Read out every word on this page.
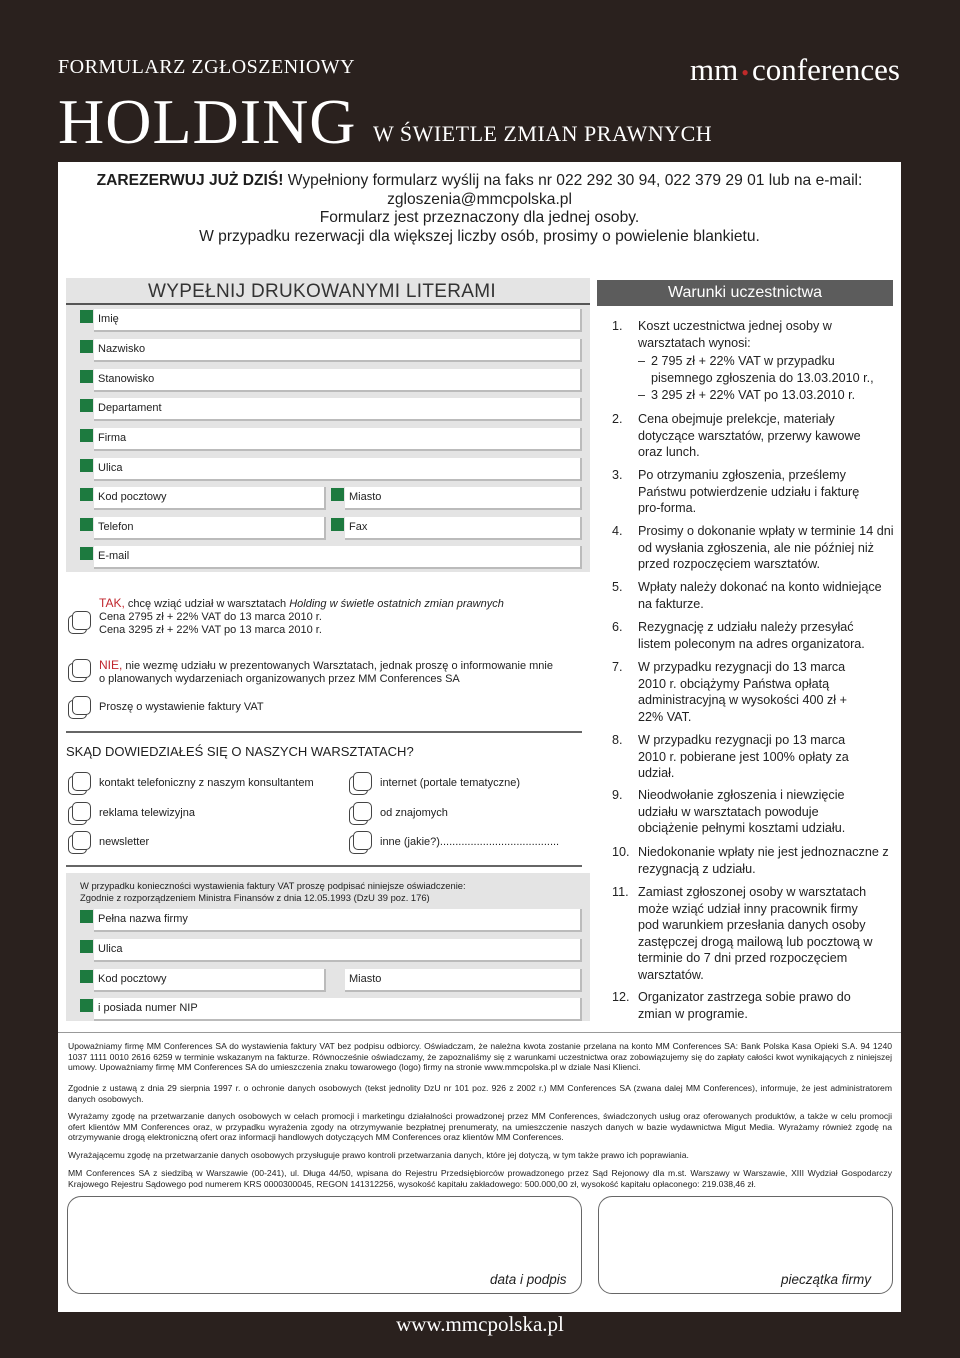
FORMULARZ ZGŁOSZENIOWY
HOLDING W ŚWIETLE ZMIAN PRAWNYCH
mm •conferences
ZAREZERWUJ JUŻ DZIŚ! Wypełniony formularz wyślij na faks nr 022 292 30 94, 022 379 29 01 lub na e-mail:
zgloszenia@mmcpolska.pl
Formularz jest przeznaczony dla jednej osoby.
W przypadku rezerwacji dla większej liczby osób, prosimy o powielenie blankietu.
WYPEŁNIJ DRUKOWANYMI LITERAMI
Imię
Nazwisko
Stanowisko
Departament
Firma
Ulica
Kod pocztowy	Miasto
Telefon	Fax
E-mail
TAK, chcę wziąć udział w warsztatach Holding w świetle ostatnich zmian prawnych
Cena 2795 zł + 22% VAT do 13 marca 2010 r.
Cena 3295 zł + 22% VAT po 13 marca 2010 r.
NIE, nie wezmę udziału w prezentowanych Warsztatach, jednak proszę o informowanie mnie
o planowanych wydarzeniach organizowanych przez MM Conferences SA
Proszę o wystawienie faktury VAT
SKĄD DOWIEDZIAŁEŚ SIĘ O NASZYCH WARSZTATACH?
kontakt telefoniczny z naszym konsultantem	internet (portale tematyczne)
reklama telewizyjna	od znajomych
newsletter	inne (jakie?).......................................
W przypadku konieczności wystawienia faktury VAT proszę podpisać niniejsze oświadczenie:
Zgodnie z rozporządzeniem Ministra Finansów z dnia 12.05.1993 (DzU 39 poz. 176)
Pełna nazwa firmy
Ulica
Kod pocztowy	Miasto
i posiada numer NIP
Warunki uczestnictwa
1.	Koszt uczestnictwa jednej osoby w warsztatach wynosi:
– 2 795 zł + 22% VAT w przypadku pisemnego zgłoszenia do 13.03.2010 r.,
– 3 295 zł + 22% VAT po 13.03.2010 r.
2.	Cena obejmuje prelekcje, materiały dotyczące warsztatów, przerwy kawowe oraz lunch.
3.	Po otrzymaniu zgłoszenia, prześlemy Państwu potwierdzenie udziału i fakturę pro-forma.
4.	Prosimy o dokonanie wpłaty w terminie 14 dni od wysłania zgłoszenia, ale nie później niż przed rozpoczęciem warsztatów.
5.	Wpłaty należy dokonać na konto widniejące na fakturze.
6.	Rezygnację z udziału należy przesyłać listem poleconym na adres organizatora.
7.	W przypadku rezygnacji do 13 marca 2010 r. obciążymy Państwa opłatą administracyjną w wysokości 400 zł + 22% VAT.
8.	W przypadku rezygnacji po 13 marca 2010 r. pobierane jest 100% opłaty za udział.
9.	Nieodwołanie zgłoszenia i niewzięcie udziału w warsztatach powoduje obciążenie pełnymi kosztami udziału.
10. Niedokonanie wpłaty nie jest jednoznaczne z rezygnacją z udziału.
11. Zamiast zgłoszonej osoby w warsztatach może wziąć udział inny pracownik firmy pod warunkiem przesłania danych osoby zastępczej drogą mailową lub pocztową w terminie do 7 dni przed rozpoczęciem warsztatów.
12. Organizator zastrzega sobie prawo do zmian w programie.
Upoważniamy firmę MM Conferences SA do wystawienia faktury VAT bez podpisu odbiorcy. Oświadczam, że należna kwota zostanie przelana na konto MM Conferences SA: Bank Polska Kasa Opieki S.A. 94 1240 1037 1111 0010 2616 6259 w terminie wskazanym na fakturze. Równocześnie oświadczamy, że zapoznaliśmy się z warunkami uczestnictwa oraz zobowiązujemy się do zapłaty całości kwot wynikających z niniejszej umowy. Upoważniamy firmę MM Conferences SA do umieszczenia znaku towarowego (logo) firmy na stronie www.mmcpolska.pl w dziale Nasi Klienci.
Zgodnie z ustawą z dnia 29 sierpnia 1997 r. o ochronie danych osobowych (tekst jednolity DzU nr 101 poz. 926 z 2002 r.) MM Conferences SA (zwana dalej MM Conferences), informuje, że jest administratorem danych osobowych.
Wyrażamy zgodę na przetwarzanie danych osobowych w celach promocji i marketingu działalności prowadzonej przez MM Conferences, świadczonych usług oraz oferowanych produktów, a także w celu promocji ofert klientów MM Conferences oraz, w przypadku wyrażenia zgody na otrzymywanie bezpłatnej prenumeraty, na umieszczenie naszych danych w bazie wydawnictwa Migut Media. Wyrażamy również zgodę na otrzymywanie drogą elektroniczną ofert oraz informacji handlowych dotyczących MM Conferences oraz klientów MM Conferences.
Wyrażającemu zgodę na przetwarzanie danych osobowych przysługuje prawo kontroli przetwarzania danych, które jej dotyczą, w tym także prawo ich poprawiania.
MM Conferences SA z siedzibą w Warszawie (00-241), ul. Długa 44/50, wpisana do Rejestru Przedsiębiorców prowadzonego przez Sąd Rejonowy dla m.st. Warszawy w Warszawie, XIII Wydział Gospodarczy Krajowego Rejestru Sądowego pod numerem KRS 0000300045, REGON 141312256, wysokość kapitału zakładowego: 500.000,00 zł, wysokość kapitału opłaconego: 219.038,46 zł.
data i podpis	pieczątka firmy
www.mmcpolska.pl
